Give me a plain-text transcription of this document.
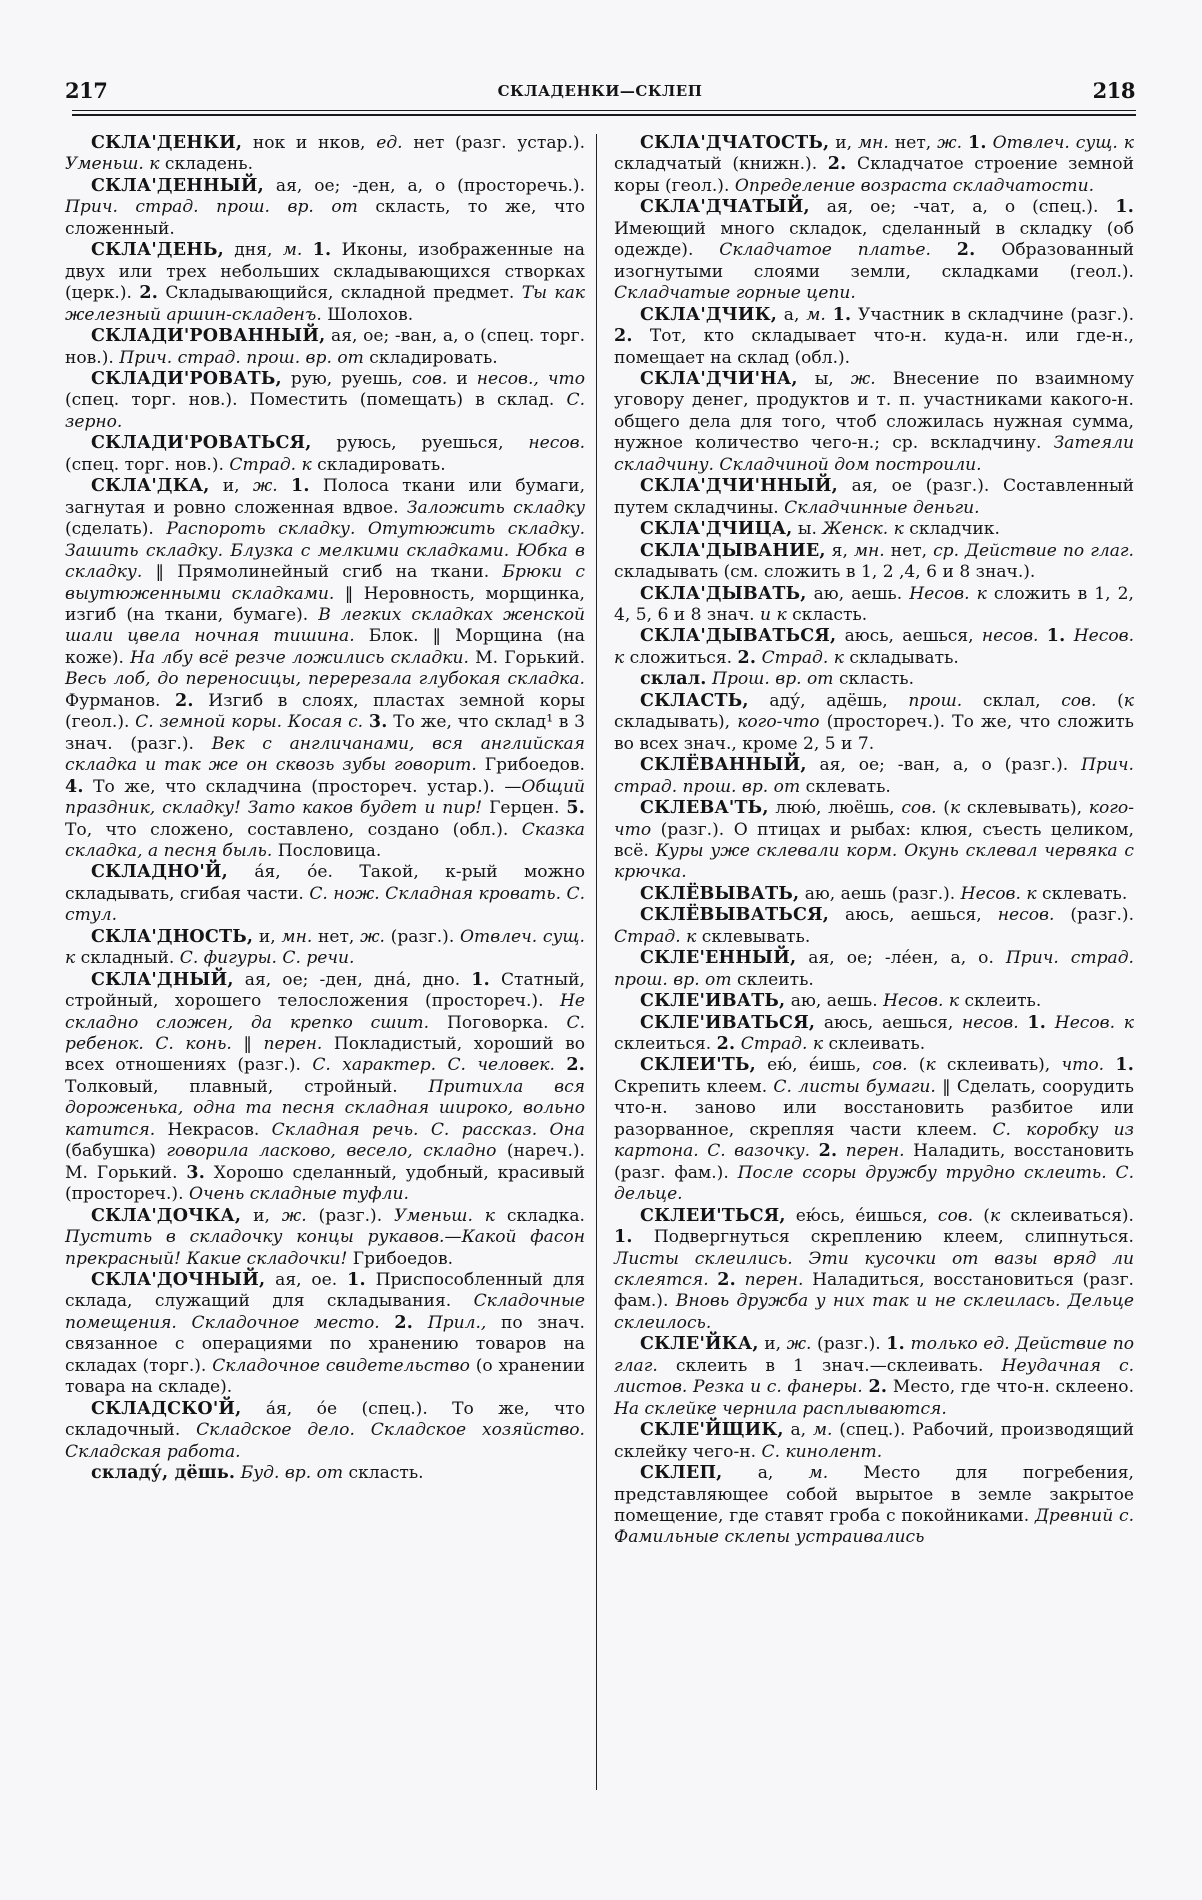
217	СКЛАДЕНКИ—СКЛЕП	218

СКЛА'ДЕНКИ, нок и нков, ед. нет (разг. устар.). Уменьш. к складень.

СКЛА'ДЕННЫЙ, ая, ое; -ден, а, о (просторечь.). Прич. страд. прош. вр. от скласть, то же, что сложенный.

СКЛА'ДЕНЬ, дня, м. 1. Иконы, изображенные на двух или трех небольших складывающихся створках (церк.). 2. Складывающийся, складной предмет. Ты как железный аршин-складенъ. Шолохов.

СКЛАДИ'РОВАННЫЙ, ая, ое; -ван, а, о (спец. торг. нов.). Прич. страд. прош. вр. от складировать.

СКЛАДИ'РОВАТЬ, рую, руешь, сов. и несов., что (спец. торг. нов.). Поместить (помещать) в склад. С. зерно.

СКЛАДИ'РОВАТЬСЯ, руюсь, руешься, несов. (спец. торг. нов.). Страд. к складировать.

СКЛА'ДКА, и, ж. 1. Полоса ткани или бумаги, загнутая и ровно сложенная вдвое. Заложить складку (сделать). Распороть складку. Отутюжить складку. Зашить складку. Блузка с мелкими складками. Юбка в складку. ‖ Прямолинейный сгиб на ткани. Брюки с выутюженными складками. ‖ Неровность, морщинка, изгиб (на ткани, бумаге). В легких складках женской шали цвела ночная тишина. Блок. ‖ Морщина (на коже). На лбу всё резче ложились складки. М. Горький. Весь лоб, до переносицы, перерезала глубокая складка. Фурманов. 2. Изгиб в слоях, пластах земной коры (геол.). С. земной коры. Косая с. 3. То же, что склад¹ в 3 знач. (разг.). Век с англичанами, вся английская складка и так же он сквозь зубы говорит. Грибоедов. 4. То же, что складчина (простореч. устар.). —Общий праздник, складку! Зато каков будет и пир! Герцен. 5. То, что сложено, составлено, создано (обл.). Сказка складка, а песня быль. Пословица.

СКЛАДНО'Й, а́я, о́е. Такой, к-рый можно складывать, сгибая части. С. нож. Складная кровать. С. стул.

СКЛА'ДНОСТЬ, и, мн. нет, ж. (разг.). Отвлеч. сущ. к складный. С. фигуры. С. речи.

СКЛА'ДНЫЙ, ая, ое; -ден, дна́, дно. 1. Статный, стройный, хорошего телосложения (простореч.). Не складно сложен, да крепко сшит. Поговорка. С. ребенок. С. конь. ‖ перен. Покладистый, хороший во всех отношениях (разг.). С. характер. С. человек. 2. Толковый, плавный, стройный. Притихла вся дороженька, одна та песня складная широко, вольно катится. Некрасов. Складная речь. С. рассказ. Она (бабушка) говорила ласково, весело, складно (нареч.). М. Горький. 3. Хорошо сделанный, удобный, красивый (простореч.). Очень складные туфли.

СКЛА'ДОЧКА, и, ж. (разг.). Уменьш. к складка. Пустить в складочку концы рукавов.—Какой фасон прекрасный! Какие складочки! Грибоедов.

СКЛА'ДОЧНЫЙ, ая, ое. 1. Приспособленный для склада, служащий для складывания. Складочные помещения. Складочное место. 2. Прил., по знач. связанное с операциями по хранению товаров на складах (торг.). Складочное свидетельство (о хранении товара на складе).

СКЛАДСКО'Й, а́я, о́е (спец.). То же, что складочный. Складское дело. Складское хозяйство. Складская работа.

складу́, дёшь. Буд. вр. от скласть.

СКЛА'ДЧАТОСТЬ, и, мн. нет, ж. 1. Отвлеч. сущ. к складчатый (книжн.). 2. Складчатое строение земной коры (геол.). Определение возраста складчатости.

СКЛА'ДЧАТЫЙ, ая, ое; -чат, а, о (спец.). 1. Имеющий много складок, сделанный в складку (об одежде). Складчатое платье. 2. Образованный изогнутыми слоями земли, складками (геол.). Складчатые горные цепи.

СКЛА'ДЧИК, а, м. 1. Участник в складчине (разг.). 2. Тот, кто складывает что-н. куда-н. или где-н., помещает на склад (обл.).

СКЛА'ДЧИ'НА, ы, ж. Внесение по взаимному уговору денег, продуктов и т. п. участниками какого-н. общего дела для того, чтоб сложилась нужная сумма, нужное количество чего-н.; ср. вскладчину. Затеяли складчину. Складчиной дом построили.

СКЛА'ДЧИ'ННЫЙ, ая, ое (разг.). Составленный путем складчины. Складчинные деньги.

СКЛА'ДЧИЦА, ы. Женск. к складчик.

СКЛА'ДЫВАНИЕ, я, мн. нет, ср. Действие по глаг. складывать (см. сложить в 1, 2 ,4, 6 и 8 знач.).

СКЛА'ДЫВАТЬ, аю, аешь. Несов. к сложить в 1, 2, 4, 5, 6 и 8 знач. и к скласть.

СКЛА'ДЫВАТЬСЯ, аюсь, аешься, несов. 1. Несов. к сложиться. 2. Страд. к складывать.

склал. Прош. вр. от скласть.

СКЛАСТЬ, аду́, адёшь, прош. склал, сов. (к складывать), кого-что (простореч.). То же, что сложить во всех знач., кроме 2, 5 и 7.

СКЛЁВАННЫЙ, ая, ое; -ван, а, о (разг.). Прич. страд. прош. вр. от склевать.

СКЛЕВА'ТЬ, люю́, люёшь, сов. (к склевывать), кого-что (разг.). О птицах и рыбах: клюя, съесть целиком, всё. Куры уже склевали корм. Окунь склевал червяка с крючка.

СКЛЁВЫВАТЬ, аю, аешь (разг.). Несов. к склевать.

СКЛЁВЫВАТЬСЯ, аюсь, аешься, несов. (разг.). Страд. к склевывать.

СКЛЕ'ЕННЫЙ, ая, ое; -лéен, а, о. Прич. страд. прош. вр. от склеить.

СКЛЕ'ИВАТЬ, аю, аешь. Несов. к склеить.

СКЛЕ'ИВАТЬСЯ, аюсь, аешься, несов. 1. Несов. к склеиться. 2. Страд. к склеивать.

СКЛЕИ'ТЬ, ею́, éишь, сов. (к склеивать), что. 1. Скрепить клеем. С. листы бумаги. ‖ Сделать, соорудить что-н. заново или восстановить разбитое или разорванное, скрепляя части клеем. С. коробку из картона. С. вазочку. 2. перен. Наладить, восстановить (разг. фам.). После ссоры дружбу трудно склеить. С. дельце.

СКЛЕИ'ТЬСЯ, ею́сь, éишься, сов. (к склеиваться). 1. Подвергнуться скреплению клеем, слипнуться. Листы склеились. Эти кусочки от вазы вряд ли склеятся. 2. перен. Наладиться, восстановиться (разг. фам.). Вновь дружба у них так и не склеилась. Дельце склеилось.

СКЛЕ'ЙКА, и, ж. (разг.). 1. только ед. Действие по глаг. склеить в 1 знач.—склеивать. Неудачная с. листов. Резка и с. фанеры. 2. Место, где что-н. склеено. На склейке чернила расплываются.

СКЛЕ'ЙЩИК, а, м. (спец.). Рабочий, производящий склейку чего-н. С. кинолент.

СКЛЕП, а, м. Место для погребения, представляющее собой вырытое в земле закрытое помещение, где ставят гроба с покойниками. Древний с. Фамильные склепы устраивались
